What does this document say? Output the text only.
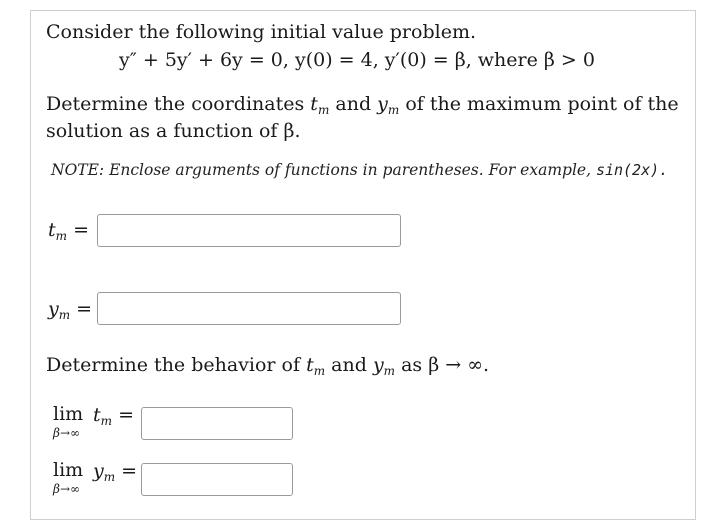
Consider the following initial value problem.
y″ + 5y′ + 6y = 0, y(0) = 4, y′(0) = β, where β > 0
Determine the coordinates $t_m$ and $y_m$ of the maximum point of the
solution as a function of β.
NOTE: Enclose arguments of functions in parentheses. For example, sin(2x).
$t_m$ =
$y_m$ =
Determine the behavior of $t_m$ and $y_m$ as β → ∞.
lim
β→∞
$t_m$ =
lim
β→∞
$y_m$ =
